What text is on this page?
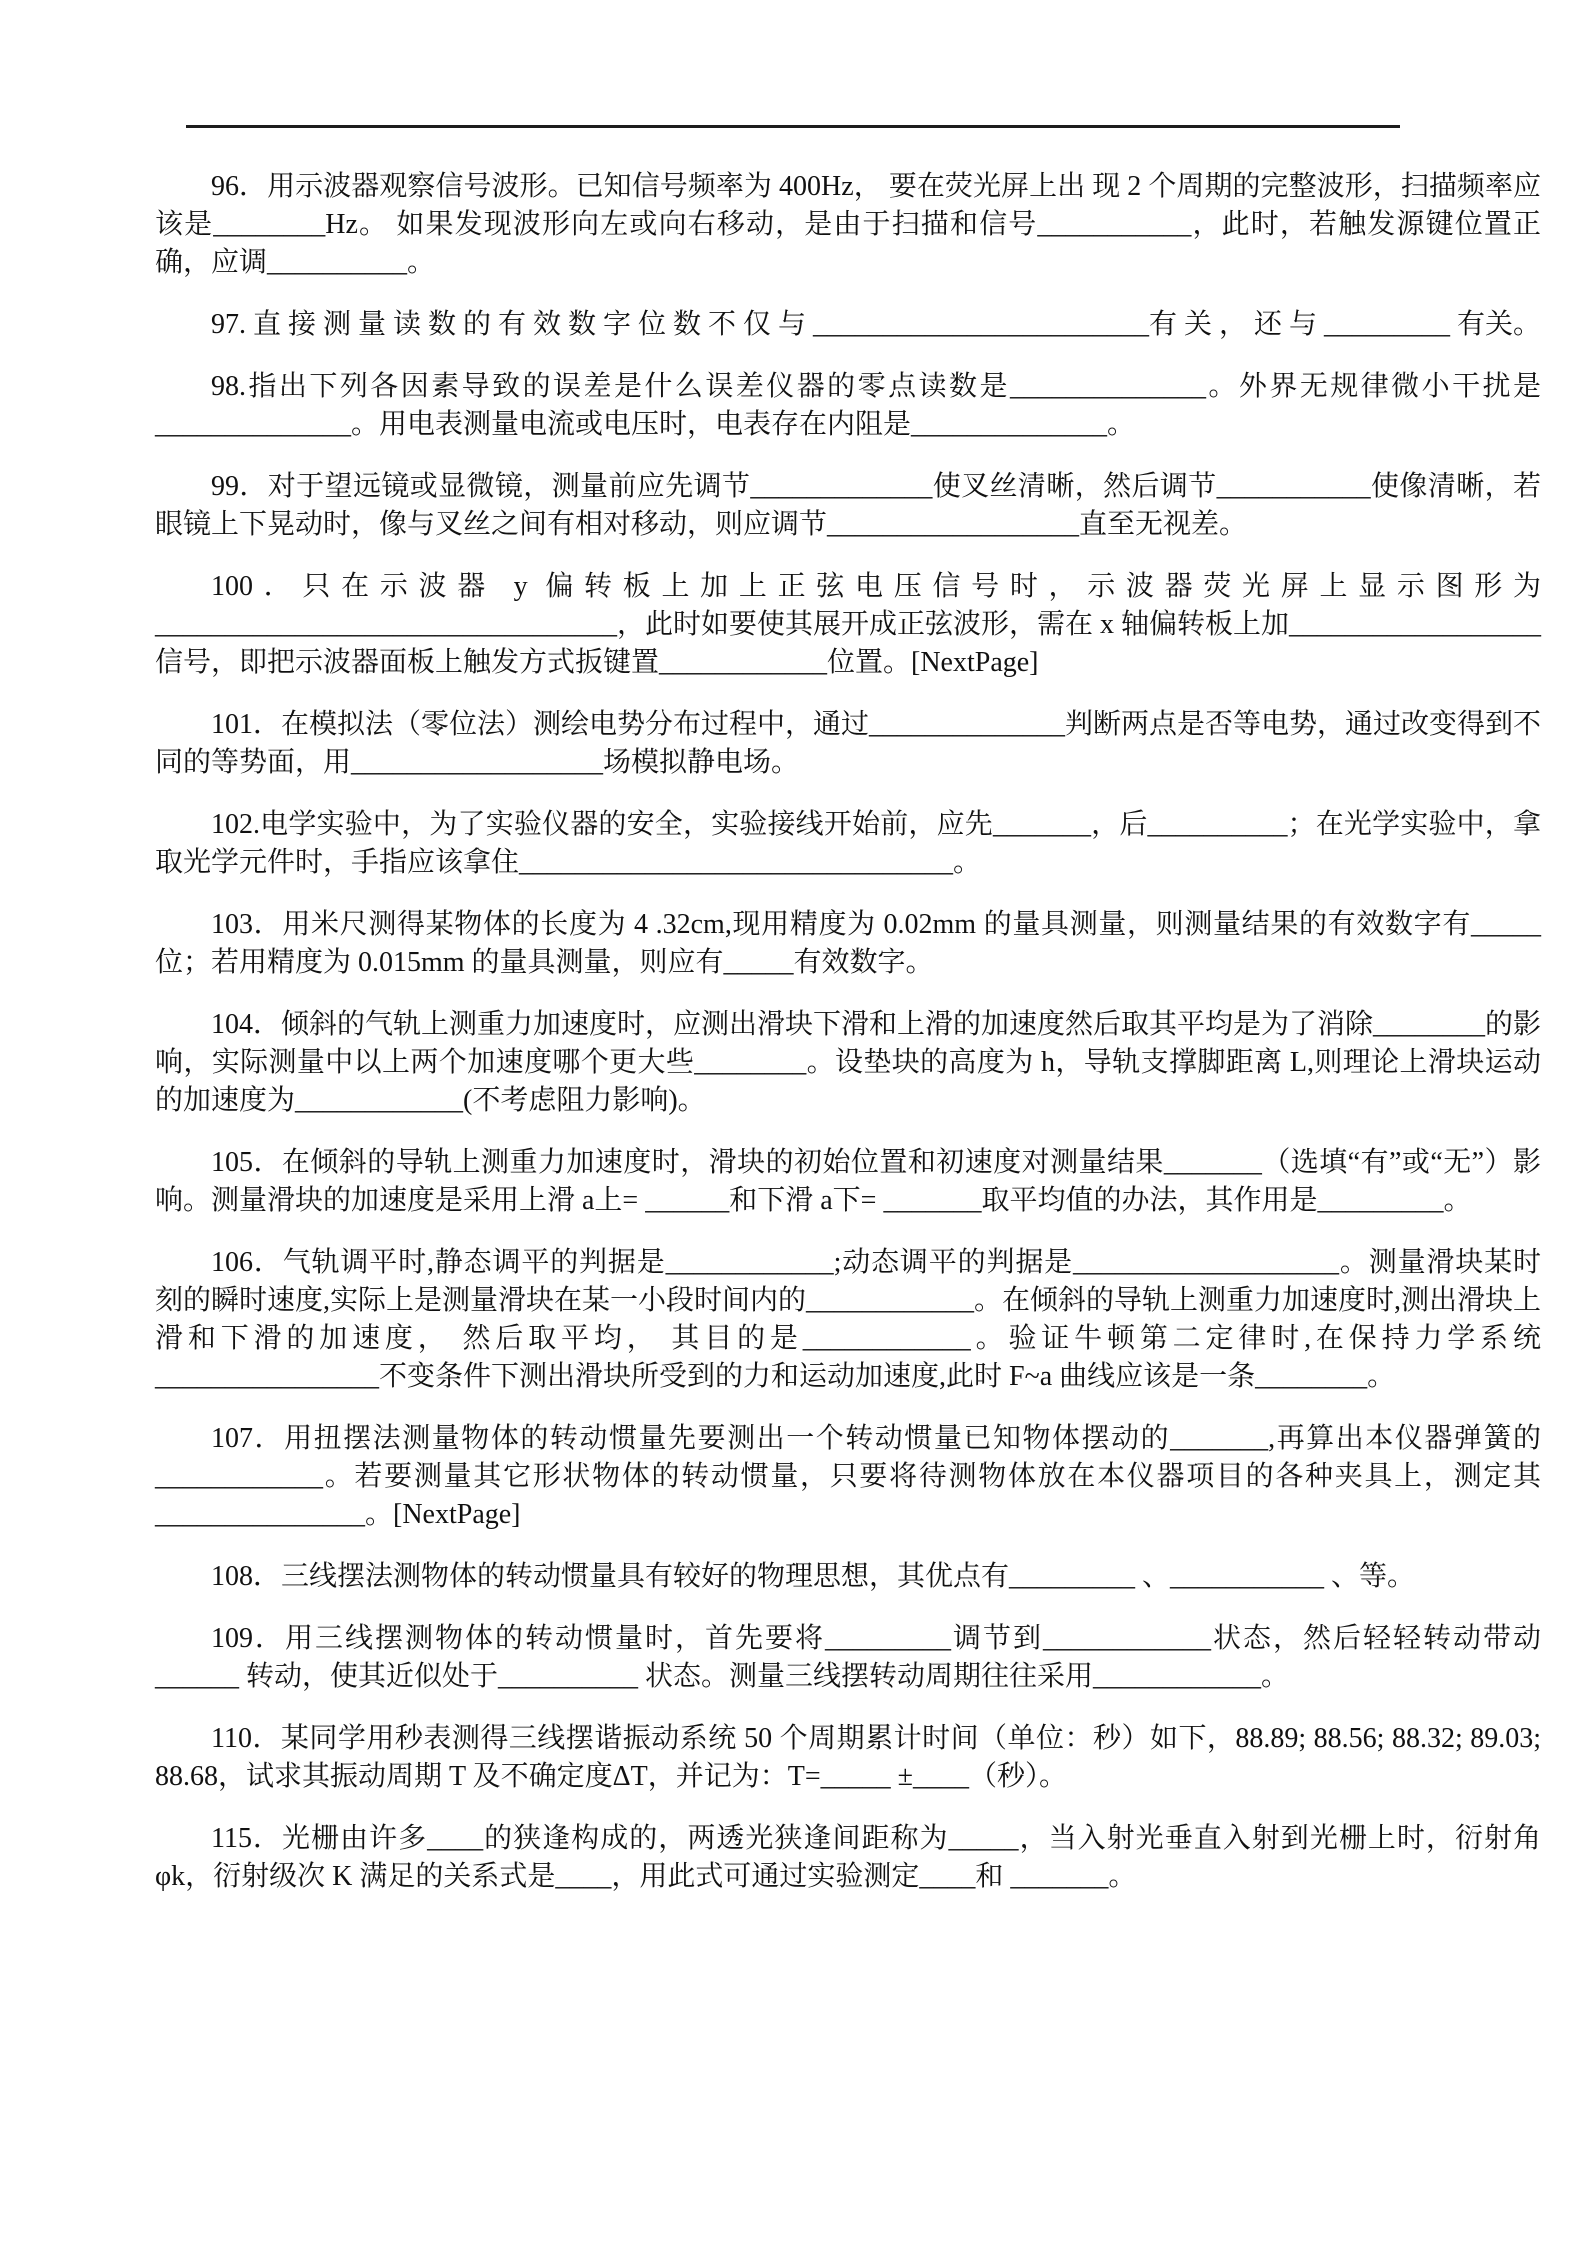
96．用示波器观察信号波形。已知信号频率为 400Hz， 要在荧光屏上出 现 2 个周期的完整波形，扫描频率应该是________Hz。 如果发现波形向左或向右移动，是由于扫描和信号___________，此时，若触发源键位置正确，应调__________。

97. 直 接 测 量 读 数 的 有 效 数 字 位 数 不 仅 与 ________________________有 关 ， 还 与 _________ 有关。

98.指出下列各因素导致的误差是什么误差仪器的零点读数是______________。外界无规律微小干扰是______________。用电表测量电流或电压时，电表存在内阻是______________。

99．对于望远镜或显微镜，测量前应先调节_____________使叉丝清晰，然后调节___________使像清晰，若眼镜上下晃动时，像与叉丝之间有相对移动，则应调节__________________直至无视差。

100．只在示波器 y 偏转板上加上正弦电压信号时，示波器荧光屏上显示图形为_________________________________，此时如要使其展开成正弦波形，需在 x 轴偏转板上加__________________信号，即把示波器面板上触发方式扳键置____________位置。[NextPage]

101．在模拟法（零位法）测绘电势分布过程中，通过______________判断两点是否等电势，通过改变得到不同的等势面，用__________________场模拟静电场。

102.电学实验中，为了实验仪器的安全，实验接线开始前，应先_______，后__________；在光学实验中，拿取光学元件时，手指应该拿住_______________________________。

103．用米尺测得某物体的长度为 4 .32cm,现用精度为 0.02mm 的量具测量，则测量结果的有效数字有_____位；若用精度为 0.015mm 的量具测量，则应有_____有效数字。

104．倾斜的气轨上测重力加速度时，应测出滑块下滑和上滑的加速度然后取其平均是为了消除________的影响，实际测量中以上两个加速度哪个更大些________。设垫块的高度为 h，导轨支撑脚距离 L,则理论上滑块运动的加速度为____________(不考虑阻力影响)。

105．在倾斜的导轨上测重力加速度时，滑块的初始位置和初速度对测量结果_______（选填“有”或“无”）影响。测量滑块的加速度是采用上滑 a上= ______和下滑 a下= _______取平均值的办法，其作用是_________。

106．气轨调平时,静态调平的判据是____________;动态调平的判据是___________________。测量滑块某时刻的瞬时速度,实际上是测量滑块在某一小段时间内的____________。在倾斜的导轨上测重力加速度时,测出滑块上滑和下滑的加速度， 然后取平均， 其目的是____________。验证牛顿第二定律时,在保持力学系统________________不变条件下测出滑块所受到的力和运动加速度,此时 F~a 曲线应该是一条________。

107．用扭摆法测量物体的转动惯量先要测出一个转动惯量已知物体摆动的_______,再算出本仪器弹簧的____________。若要测量其它形状物体的转动惯量，只要将待测物体放在本仪器项目的各种夹具上，测定其_______________。[NextPage]

108．三线摆法测物体的转动惯量具有较好的物理思想，其优点有_________ 、___________ 、等。

109．用三线摆测物体的转动惯量时，首先要将_________调节到____________状态，然后轻轻转动带动______ 转动，使其近似处于__________ 状态。测量三线摆转动周期往往采用____________。

110．某同学用秒表测得三线摆谐振动系统 50 个周期累计时间（单位：秒）如下，88.89; 88.56; 88.32; 89.03; 88.68，试求其振动周期 T 及不确定度ΔT，并记为：T=_____ ±____（秒）。

115．光栅由许多____的狭逢构成的，两透光狭逢间距称为_____，当入射光垂直入射到光栅上时，衍射角φk，衍射级次 K 满足的关系式是____，用此式可通过实验测定____和 _______。
